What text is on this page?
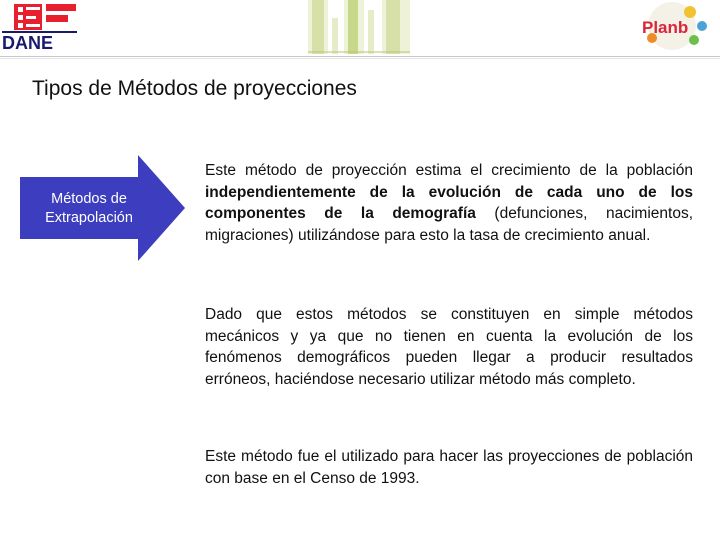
DANE
Planb
Tipos de Métodos de proyecciones
Métodos de
Extrapolación
Este método de proyección estima el crecimiento de la población independientemente de la evolución de cada uno de los componentes de la demografía (defunciones, nacimientos, migraciones) utilizándose para esto la tasa de crecimiento anual.
Dado que estos métodos se constituyen en simple métodos mecánicos y ya que no tienen en cuenta la evolución de los fenómenos demográficos pueden llegar a producir resultados erróneos, haciéndose necesario utilizar método más completo.
Este método fue el utilizado para hacer las proyecciones de población con base en el Censo de 1993.
